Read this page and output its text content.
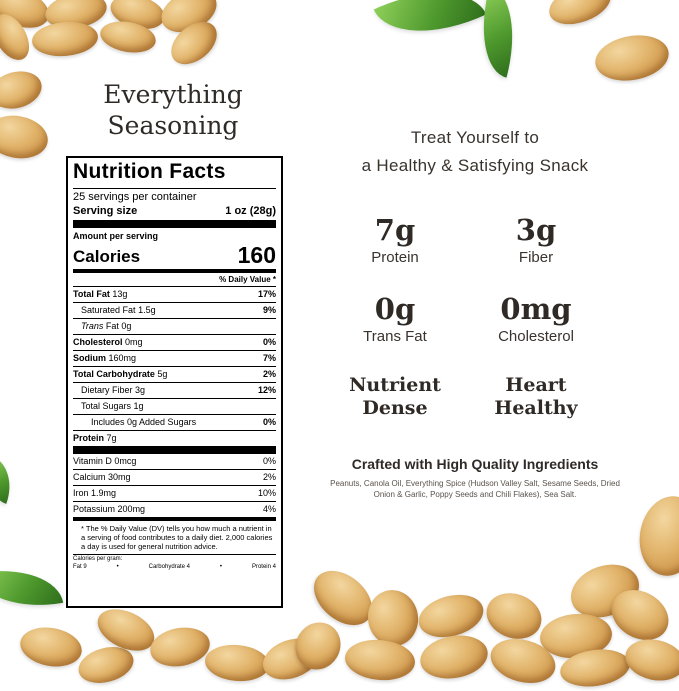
Everything
Seasoning
Nutrition Facts
25 servings per container
Serving size	1 oz (28g)
Amount per serving
Calories	160
% Daily Value *
Total Fat 13g	17%
Saturated Fat 1.5g	9%
Trans Fat 0g
Cholesterol 0mg	0%
Sodium 160mg	7%
Total Carbohydrate 5g	2%
Dietary Fiber 3g	12%
Total Sugars 1g
Includes 0g Added Sugars	0%
Protein 7g
Vitamin D 0mcg	0%
Calcium 30mg	2%
Iron 1.9mg	10%
Potassium 200mg	4%
* The % Daily Value (DV) tells you how much a nutrient in a serving of food contributes to a daily diet. 2,000 calories a day is used for general nutrition advice.
Calories per gram:
Fat 9	•	Carbohydrate 4	•	Protein 4
Treat Yourself to
a Healthy & Satisfying Snack
7g
Protein
3g
Fiber
0g
Trans Fat
0mg
Cholesterol
Nutrient
Dense
Heart
Healthy
Crafted with High Quality Ingredients
Peanuts, Canola Oil, Everything Spice (Hudson Valley Salt, Sesame Seeds, Dried Onion & Garlic, Poppy Seeds and Chili Flakes), Sea Salt.
